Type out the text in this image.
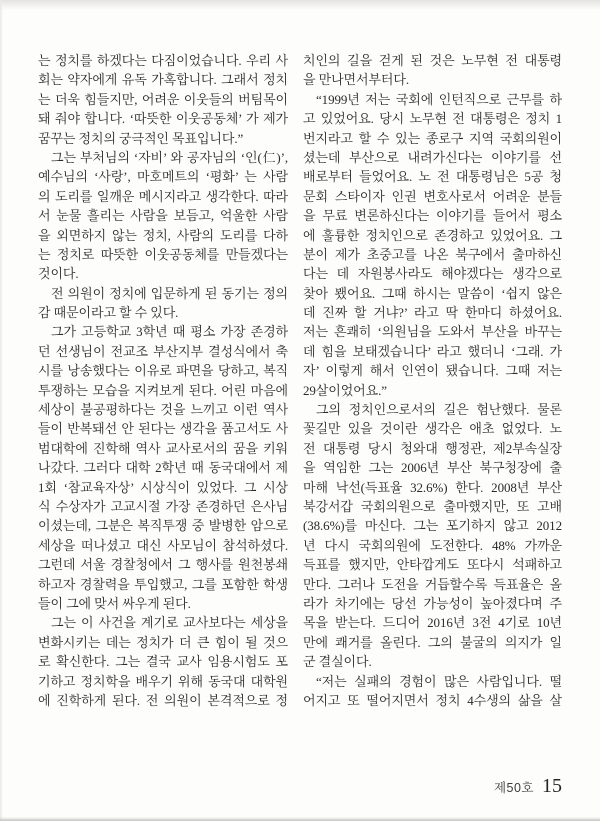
는 정치를 하겠다는 다짐이었습니다. 우리 사
회는 약자에게 유독 가혹합니다. 그래서 정치
는 더욱 힘들지만, 어려운 이웃들의 버팀목이
돼 줘야 합니다. ‘따뜻한 이웃공동체’ 가 제가
꿈꾸는 정치의 궁극적인 목표입니다.”
그는 부처님의 ‘자비’ 와 공자님의 ‘인(仁)’,
예수님의 ‘사랑’, 마호메트의 ‘평화’ 는 사람
의 도리를 일깨운 메시지라고 생각한다. 따라
서 눈물 흘리는 사람을 보듬고, 억울한 사람
을 외면하지 않는 정치, 사람의 도리를 다하
는 정치로 따뜻한 이웃공동체를 만들겠다는
것이다.
전 의원이 정치에 입문하게 된 동기는 정의
감 때문이라고 할 수 있다.
그가 고등학교 3학년 때 평소 가장 존경하
던 선생님이 전교조 부산지부 결성식에서 축
시를 낭송했다는 이유로 파면을 당하고, 복직
투쟁하는 모습을 지켜보게 된다. 어린 마음에
세상이 불공평하다는 것을 느끼고 이런 역사
들이 반복돼선 안 된다는 생각을 품고서도 사
범대학에 진학해 역사 교사로서의 꿈을 키워
나갔다. 그러다 대학 2학년 때 동국대에서 제
1회 ‘참교육자상’ 시상식이 있었다. 그 시상
식 수상자가 고교시절 가장 존경하던 은사님
이셨는데, 그분은 복직투쟁 중 발병한 암으로
세상을 떠나셨고 대신 사모님이 참석하셨다.
그런데 서울 경찰청에서 그 행사를 원천봉쇄
하고자 경찰력을 투입했고, 그를 포함한 학생
들이 그에 맞서 싸우게 된다.
그는 이 사건을 계기로 교사보다는 세상을
변화시키는 데는 정치가 더 큰 힘이 될 것으
로 확신한다. 그는 결국 교사 임용시험도 포
기하고 정치학을 배우기 위해 동국대 대학원
에 진학하게 된다. 전 의원이 본격적으로 정
치인의 길을 걷게 된 것은 노무현 전 대통령
을 만나면서부터다.
“1999년 저는 국회에 인턴직으로 근무를 하
고 있었어요. 당시 노무현 전 대통령은 정치 1
번지라고 할 수 있는 종로구 지역 국회의원이
셨는데 부산으로 내려가신다는 이야기를 선
배로부터 들었어요. 노 전 대통령님은 5공 청
문회 스타이자 인권 변호사로서 어려운 분들
을 무료 변론하신다는 이야기를 들어서 평소
에 훌륭한 정치인으로 존경하고 있었어요. 그
분이 제가 초중고를 나온 북구에서 출마하신
다는 데 자원봉사라도 해야겠다는 생각으로
찾아 뵀어요. 그때 하시는 말씀이 ‘쉽지 않은
데 진짜 할 거냐?’ 라고 딱 한마디 하셨어요.
저는 흔쾌히 ‘의원님을 도와서 부산을 바꾸는
데 힘을 보태겠습니다’ 라고 했더니 ‘그래. 가
자’ 이렇게 해서 인연이 됐습니다. 그때 저는
29살이었어요.”
그의 정치인으로서의 길은 험난했다. 물론
꽃길만 있을 것이란 생각은 애초 없었다. 노
전 대통령 당시 청와대 행정관, 제2부속실장
을 역임한 그는 2006년 부산 북구청장에 출
마해 낙선(득표율 32.6%) 한다. 2008년 부산
북강서갑 국회의원으로 출마했지만, 또 고배
(38.6%)를 마신다. 그는 포기하지 않고 2012
년 다시 국회의원에 도전한다. 48% 가까운
득표를 했지만, 안타깝게도 또다시 석패하고
만다. 그러나 도전을 거듭할수록 득표율은 올
라가 차기에는 당선 가능성이 높아졌다며 주
목을 받는다. 드디어 2016년 3전 4기로 10년
만에 쾌거를 올린다. 그의 불굴의 의지가 일
군 결실이다.
“저는 실패의 경험이 많은 사람입니다. 떨
어지고 또 떨어지면서 정치 4수생의 삶을 살
제50호 15
